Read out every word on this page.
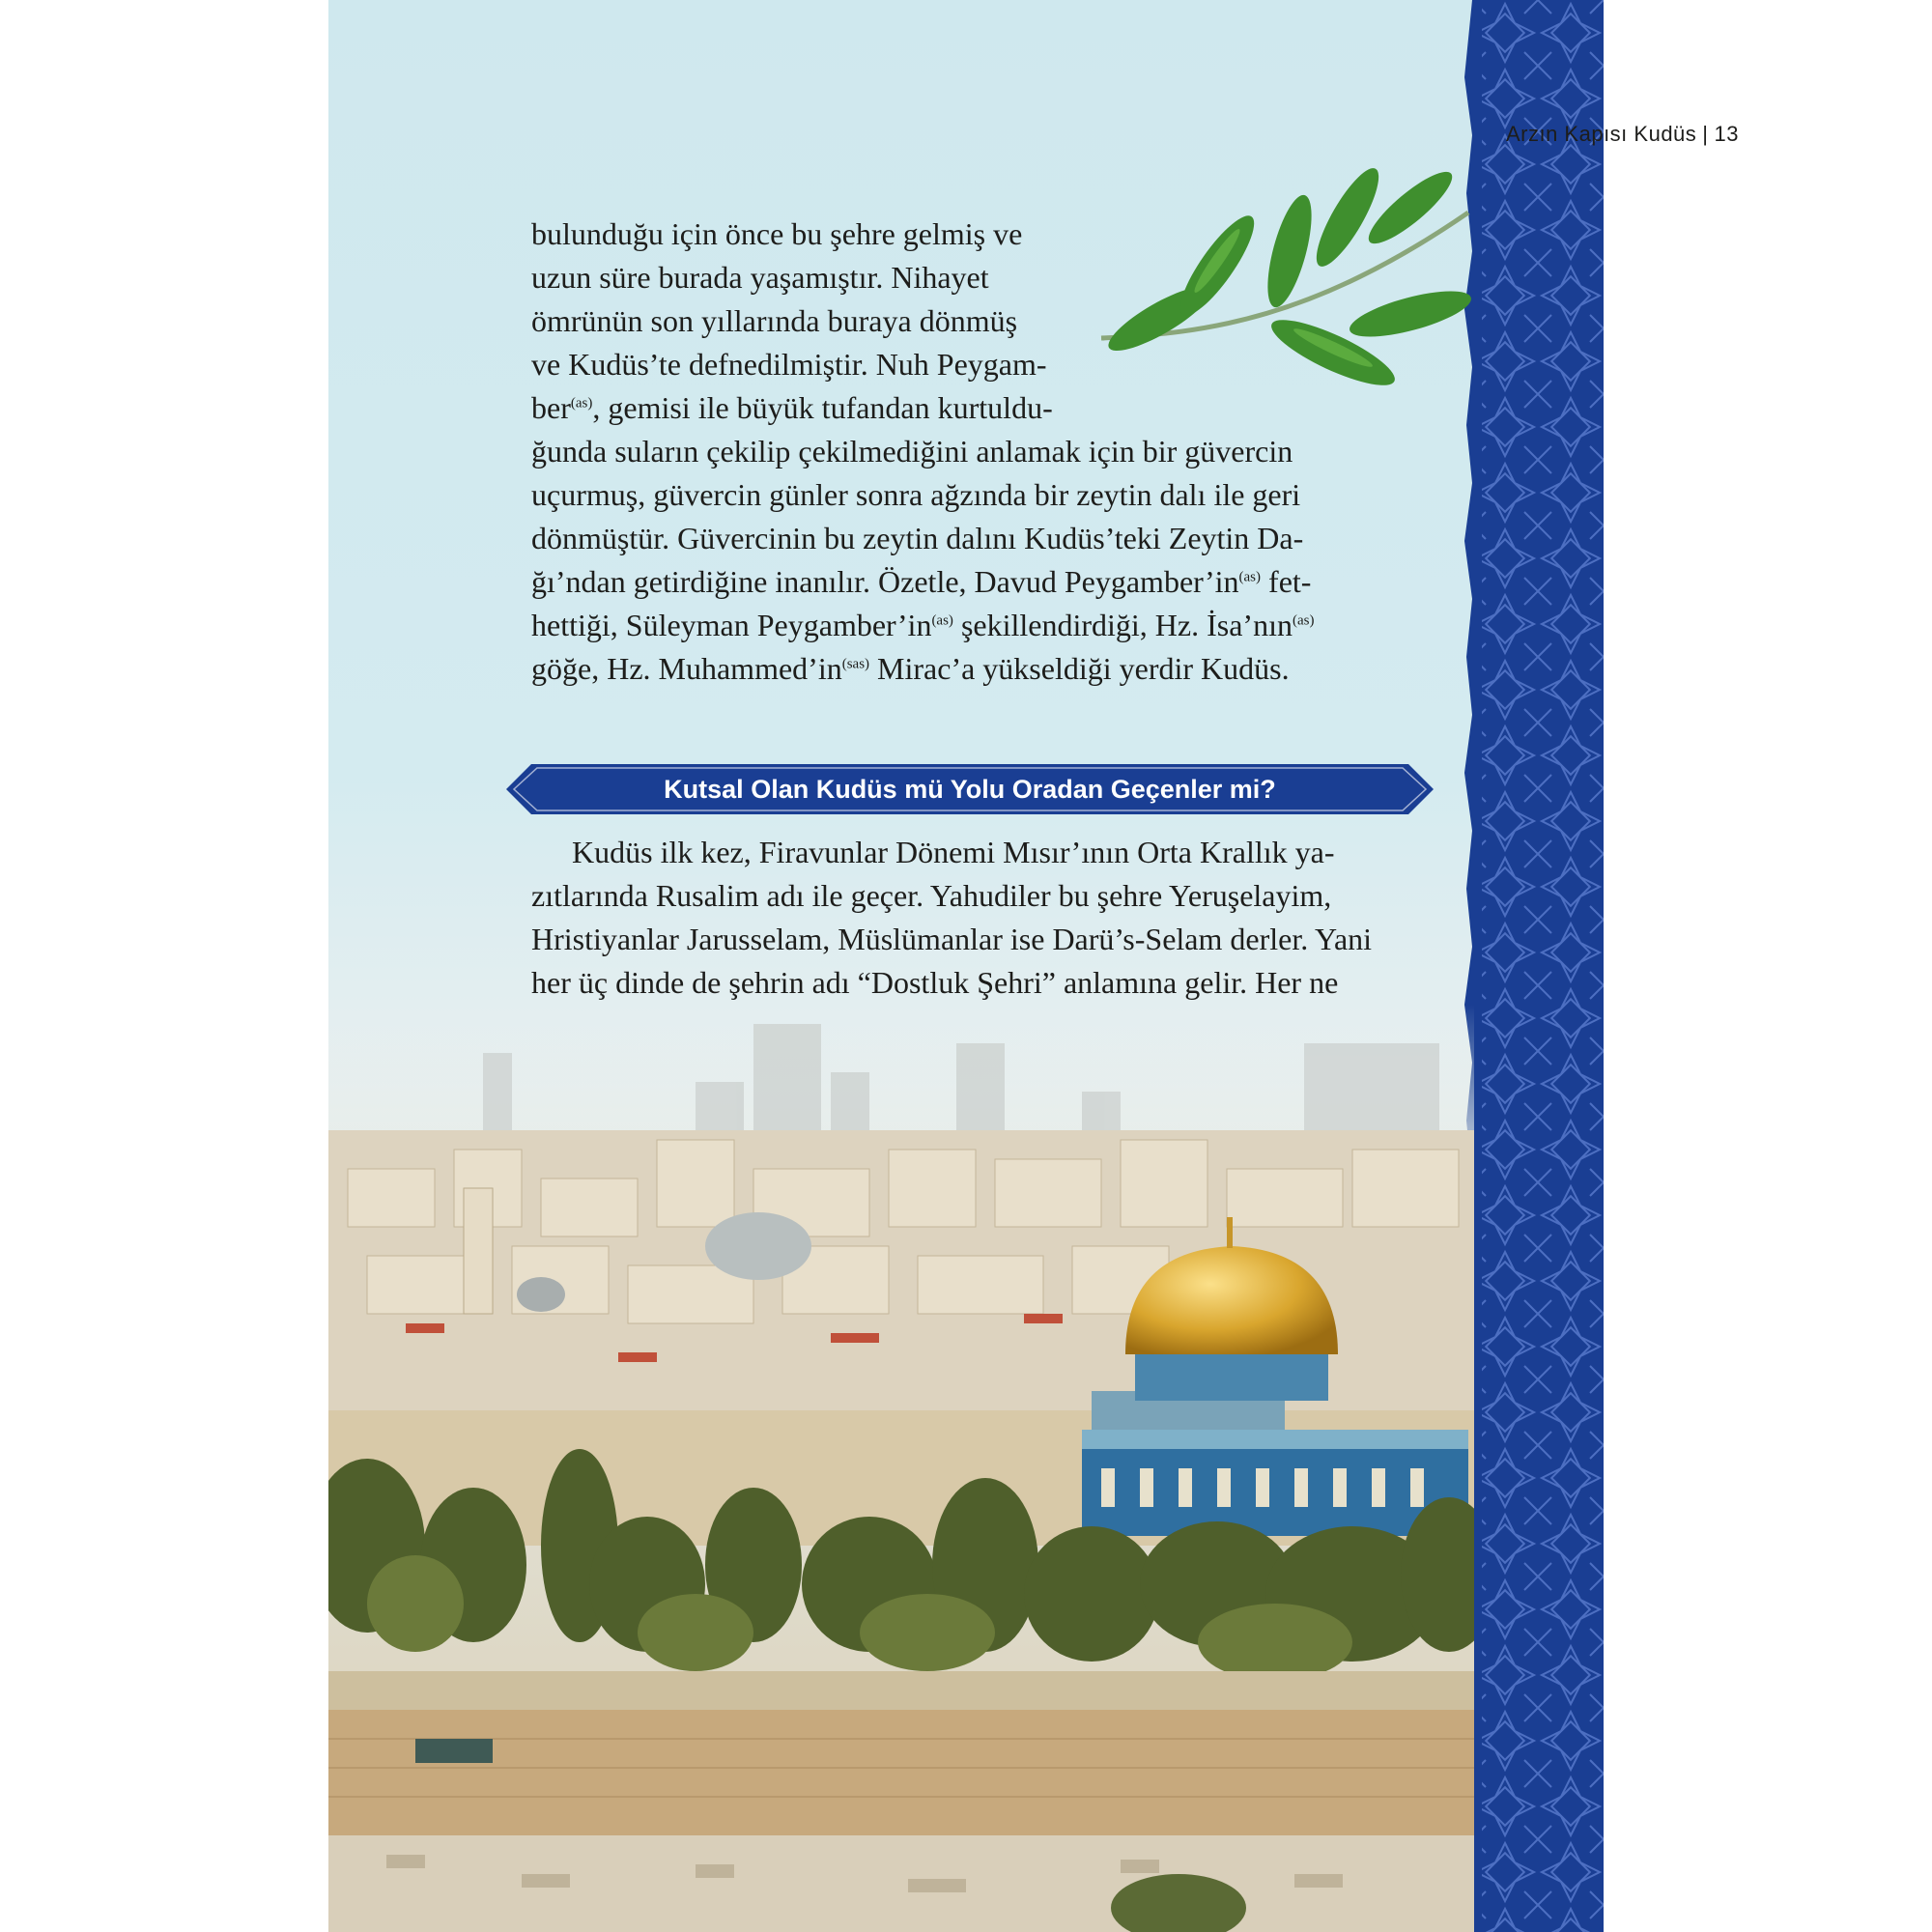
Arzın Kapısı Kudüs | 13

bulunduğu için önce bu şehre gelmiş ve

uzun süre burada yaşamıştır. Nihayet

ömrünün son yıllarında buraya dönmüş

ve Kudüs’te defnedilmiştir. Nuh Peygam-

ber$^{(as)}$, gemisi ile büyük tufandan kurtuldu-

ğunda suların çekilip çekilmediğini anlamak için bir güvercin

uçurmuş, güvercin günler sonra ağzında bir zeytin dalı ile geri

dönmüştür. Güvercinin bu zeytin dalını Kudüs’teki Zeytin Da-

ğı’ndan getirdiğine inanılır. Özetle, Davud $Peygamber’in^{(as)}$ fet-

hettiği, Süleyman $Peygamber’in^{(as)}$ şekillendirdiği, Hz. İsa’nın$^{(as)}$

göğe, Hz. $Muhammed’in^{(sas)}$ Mirac’a yükseldiği yerdir Kudüs.

Kutsal Olan Kudüs mü Yolu Oradan Geçenler mi?

Kudüs ilk kez, Firavunlar Dönemi Mısır’ının Orta Krallık ya-

zıtlarında Rusalim adı ile geçer. Yahudiler bu şehre Yeruşelayim,

Hristiyanlar Jarusselam, Müslümanlar ise Darü’s-Selam derler. Yani

her üç dinde de şehrin adı “Dostluk Şehri” anlamına gelir. Her ne
